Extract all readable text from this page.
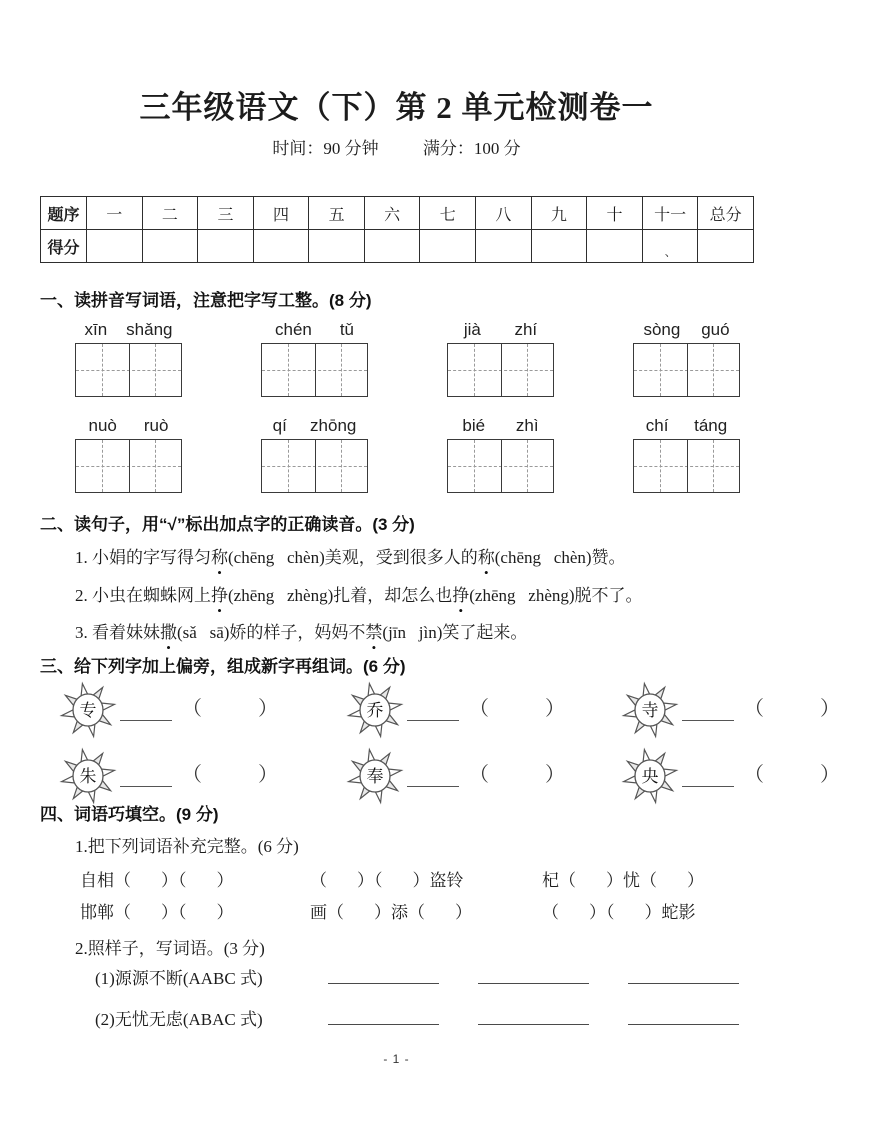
三年级语文（下）第 2 单元检测卷一
时间：90 分钟	满分：100 分
题序	一	二	三	四	五	六	七	八	九	十	十一	总分
得分											、	

一、读拼音写词语，注意把字写工整。(8 分)
xīn shǎng	chén tǔ	jià zhí	sòng guó
nuò ruò	qí zhōng	bié zhì	chí táng
二、读句子，用“√”标出加点字的正确读音。(3 分)
1. 小娟的字写得匀称
•
(chēng   chèn)美观，受到很多人的称
•
(chēng   chèn)赞。
2. 小虫在蜘蛛网上挣
•
(zhēng   zhèng)扎着，却怎么也挣
•
(zhēng   zhèng)脱不了。
3. 看着妹妹撒
•
(sǎ   sā)娇的样子，妈妈不禁
•
(jīn   jìn)笑了起来。
三、给下列字加上偏旁，组成新字再组词。(6 分)
专	（	）	乔	（	）	寺	（	）
朱	（	）	奉	（	）	央	（	）
四、词语巧填空。(9 分)
1.把下列词语补充完整。(6 分)
自相（ ）（ ）	（ ）（ ）盗铃	杞（ ）忧（ ）
邯郸（ ）（ ）	画（ ）添（ ）	（ ）（ ）蛇影
2.照样子，写词语。(3 分)
(1)源源不断(AABC 式)
(2)无忧无虑(ABAC 式)
- 1 -
